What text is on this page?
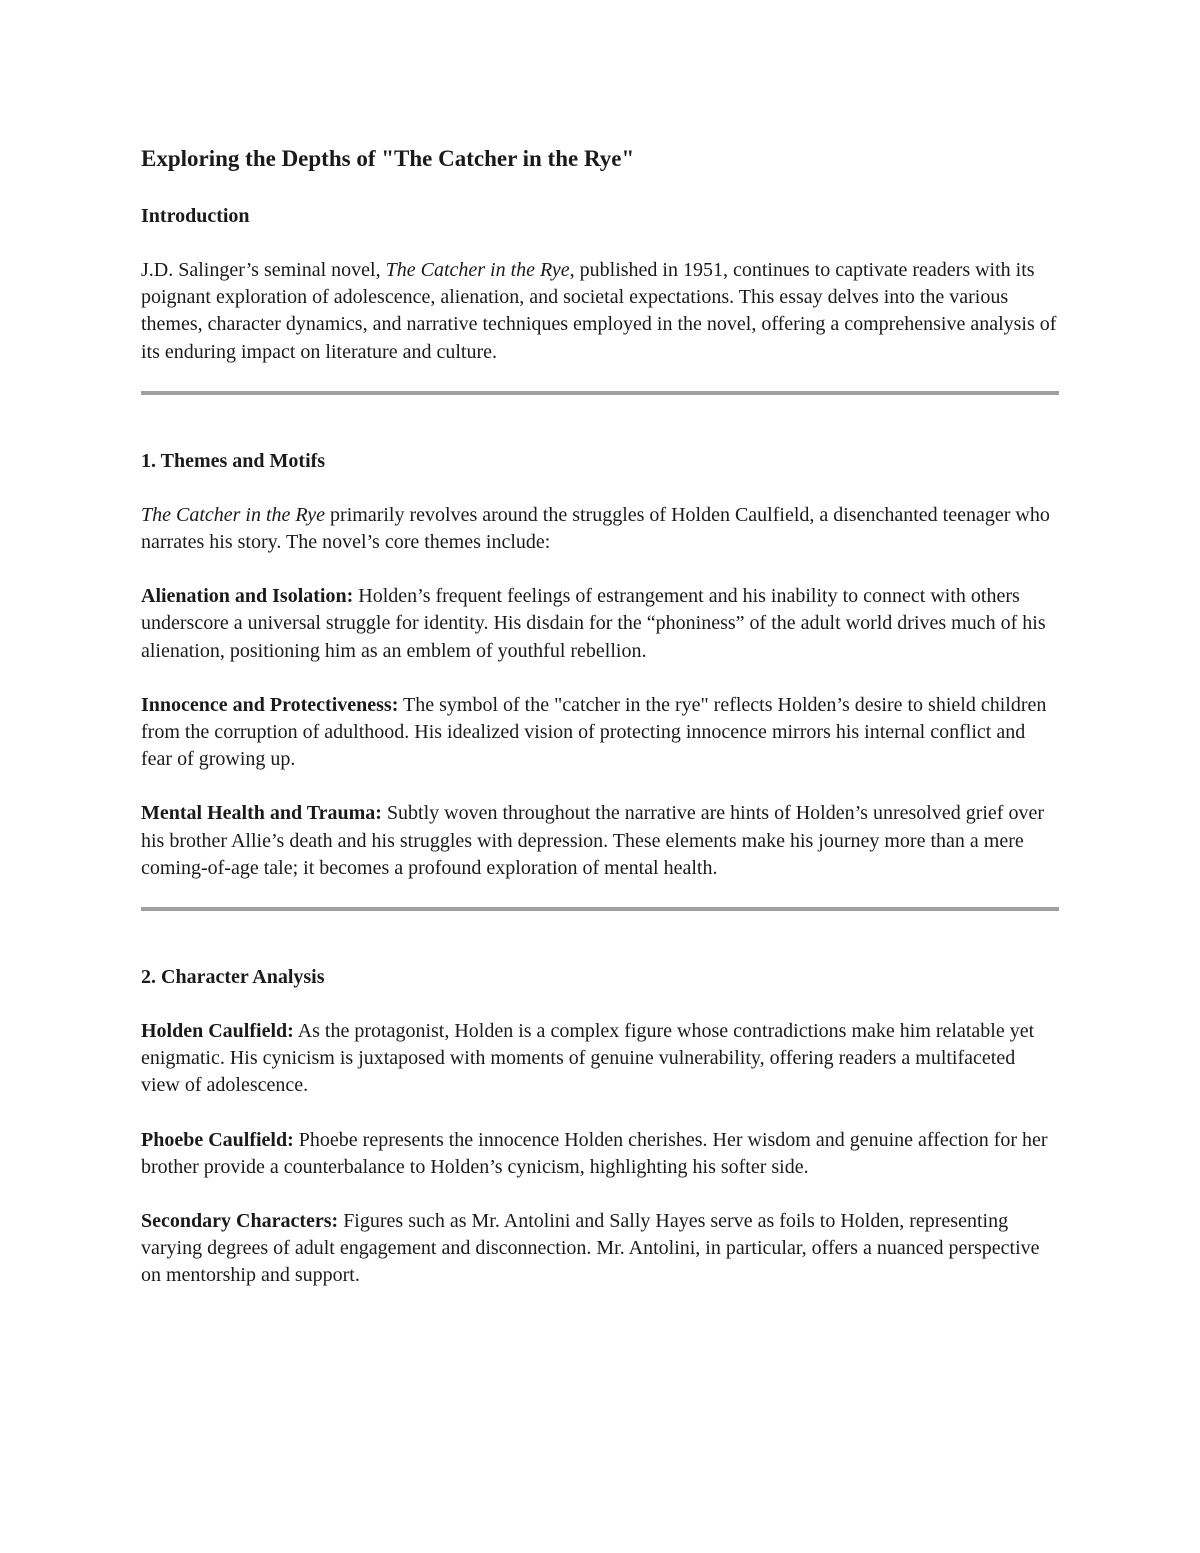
Exploring the Depths of "The Catcher in the Rye"
Introduction

J.D. Salinger’s seminal novel, The Catcher in the Rye, published in 1951, continues to captivate readers with its poignant exploration of adolescence, alienation, and societal expectations. This essay delves into the various themes, character dynamics, and narrative techniques employed in the novel, offering a comprehensive analysis of its enduring impact on literature and culture.

1. Themes and Motifs

The Catcher in the Rye primarily revolves around the struggles of Holden Caulfield, a disenchanted teenager who narrates his story. The novel’s core themes include:

Alienation and Isolation: Holden’s frequent feelings of estrangement and his inability to connect with others underscore a universal struggle for identity. His disdain for the “phoniness” of the adult world drives much of his alienation, positioning him as an emblem of youthful rebellion.

Innocence and Protectiveness: The symbol of the "catcher in the rye" reflects Holden’s desire to shield children from the corruption of adulthood. His idealized vision of protecting innocence mirrors his internal conflict and fear of growing up.

Mental Health and Trauma: Subtly woven throughout the narrative are hints of Holden’s unresolved grief over his brother Allie’s death and his struggles with depression. These elements make his journey more than a mere coming-of-age tale; it becomes a profound exploration of mental health.

2. Character Analysis

Holden Caulfield: As the protagonist, Holden is a complex figure whose contradictions make him relatable yet enigmatic. His cynicism is juxtaposed with moments of genuine vulnerability, offering readers a multifaceted view of adolescence.

Phoebe Caulfield: Phoebe represents the innocence Holden cherishes. Her wisdom and genuine affection for her brother provide a counterbalance to Holden’s cynicism, highlighting his softer side.

Secondary Characters: Figures such as Mr. Antolini and Sally Hayes serve as foils to Holden, representing varying degrees of adult engagement and disconnection. Mr. Antolini, in particular, offers a nuanced perspective on mentorship and support.
